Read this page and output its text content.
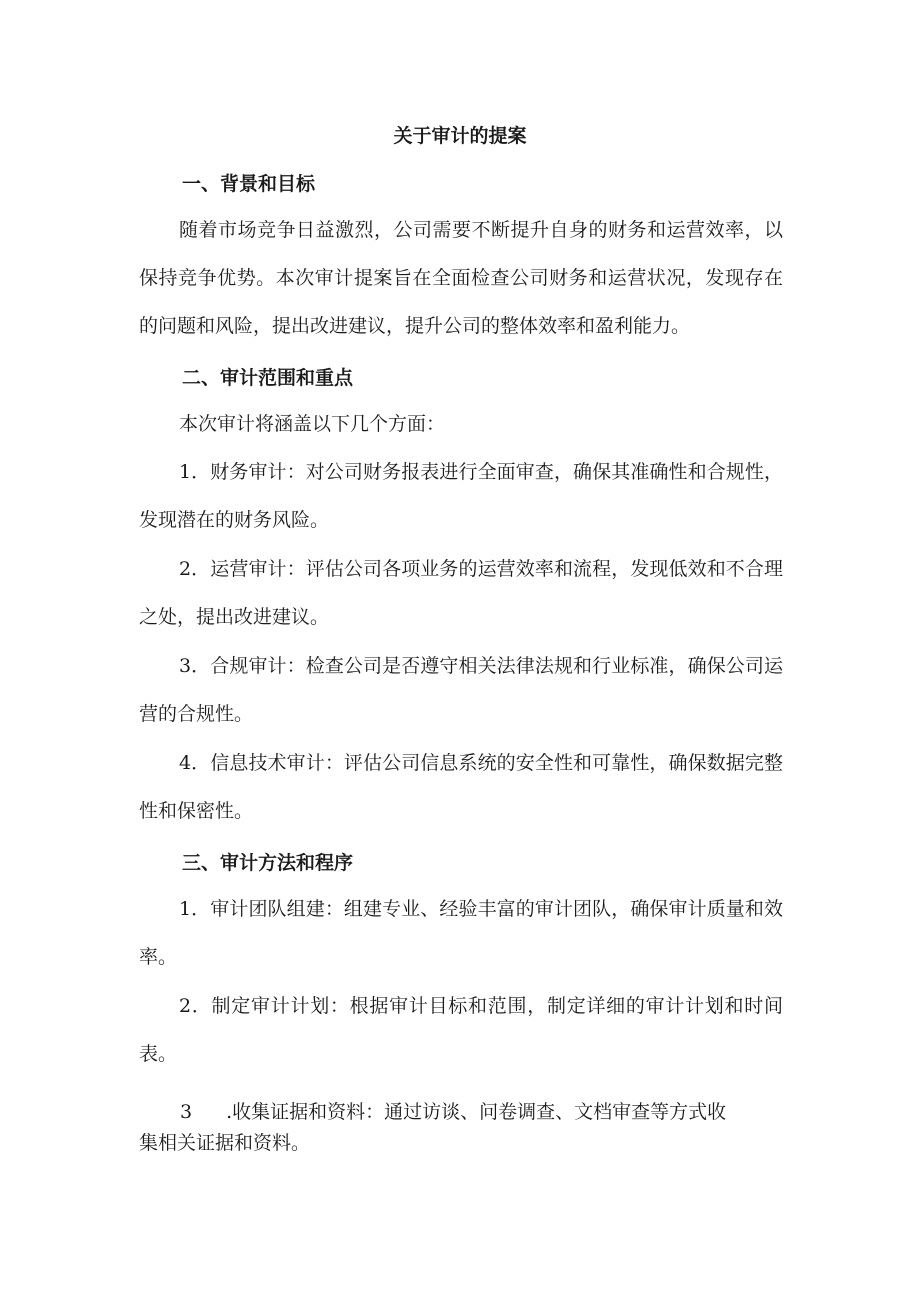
关于审计的提案
一、背景和目标
随着市场竞争日益激烈，公司需要不断提升自身的财务和运营效率，以保持竞争优势。本次审计提案旨在全面检查公司财务和运营状况，发现存在的问题和风险，提出改进建议，提升公司的整体效率和盈利能力。
二、审计范围和重点
本次审计将涵盖以下几个方面：
1．财务审计：对公司财务报表进行全面审查，确保其准确性和合规性，发现潜在的财务风险。
2．运营审计：评估公司各项业务的运营效率和流程，发现低效和不合理之处，提出改进建议。
3．合规审计：检查公司是否遵守相关法律法规和行业标准，确保公司运营的合规性。
4．信息技术审计：评估公司信息系统的安全性和可靠性，确保数据完整性和保密性。
三、审计方法和程序
1．审计团队组建：组建专业、经验丰富的审计团队，确保审计质量和效率。
2．制定审计计划：根据审计目标和范围，制定详细的审计计划和时间表。
3 .收集证据和资料：通过访谈、问卷调查、文档审查等方式收
集相关证据和资料。
